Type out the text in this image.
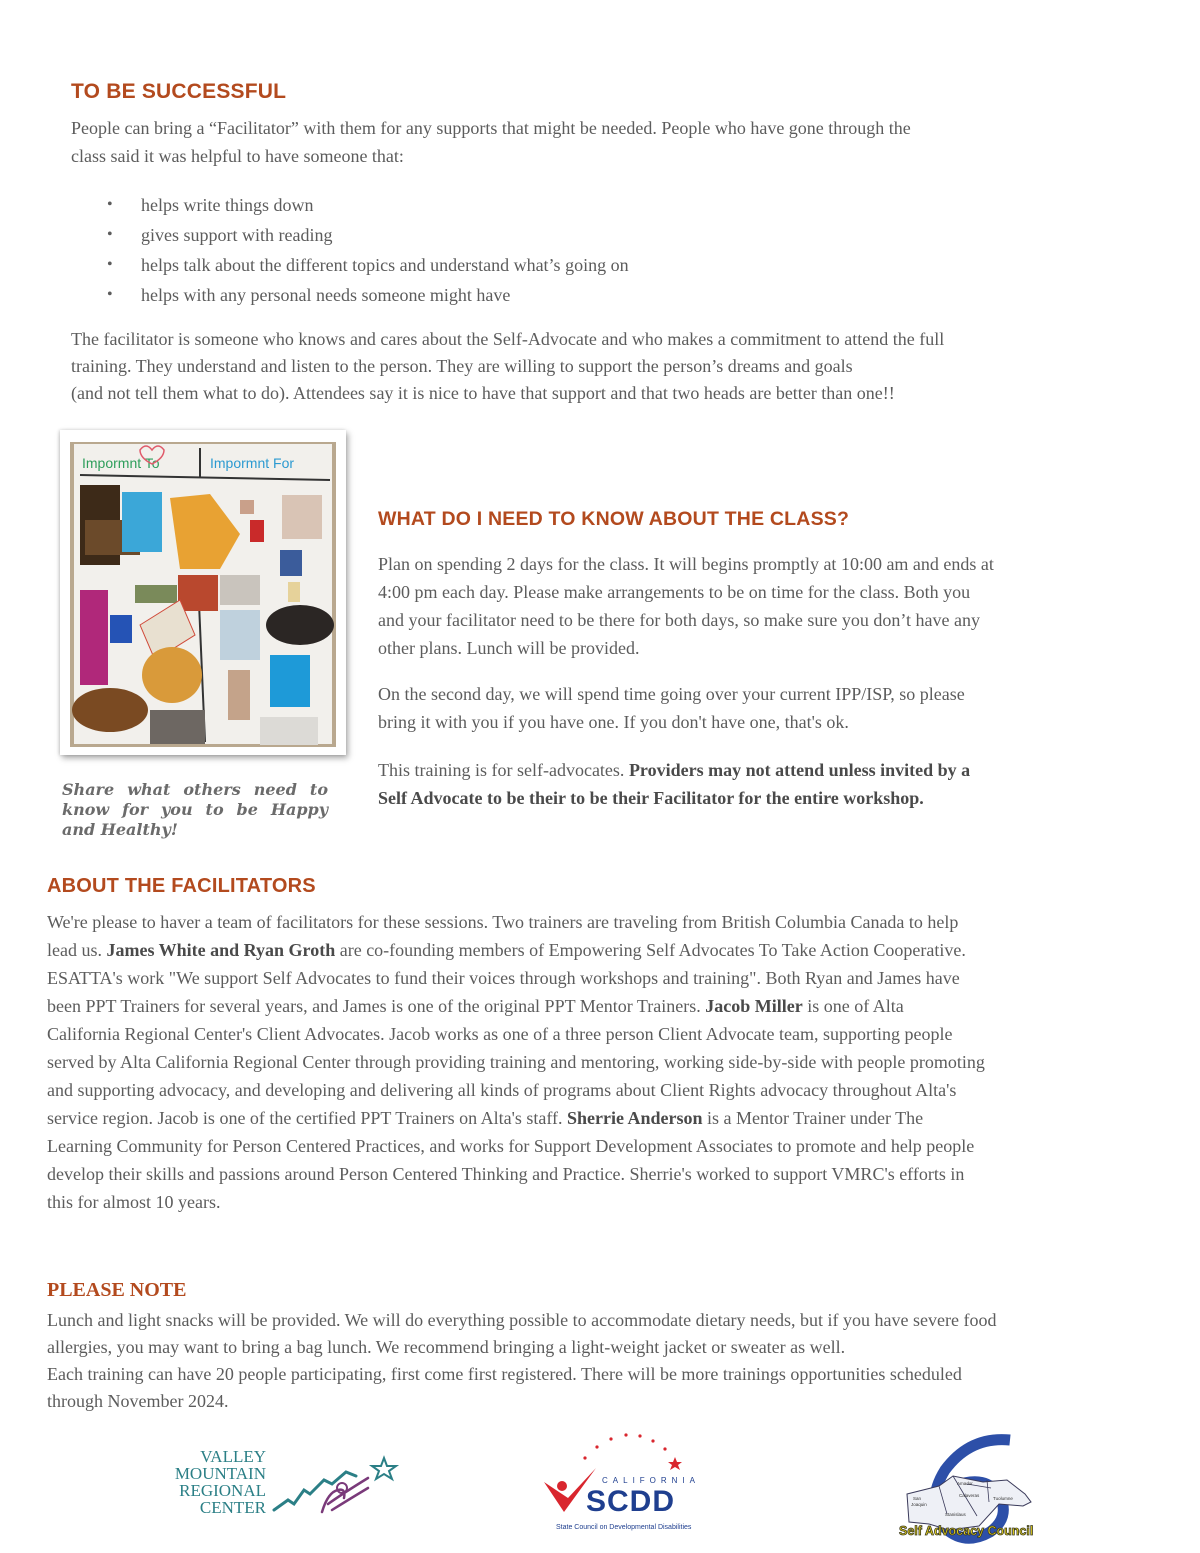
TO BE SUCCESSFUL

People can bring a “Facilitator” with them for any supports that might be needed. People who have gone through the

class said it was helpful to have someone that:

• helps write things down
• gives support with reading
• helps talk about the different topics and understand what’s going on
• helps with any personal needs someone might have

The facilitator is someone who knows and cares about the Self-Advocate and who makes a commitment to attend the full

training. They understand and listen to the person. They are willing to support the person’s dreams and goals

(and not tell them what to do). Attendees say it is nice to have that support and that two heads are better than one!!

Impormnt To	Impormnt For
Share what others need to know for you to be Happy and Healthy!
WHAT DO I NEED TO KNOW ABOUT THE CLASS?

Plan on spending 2 days for the class. It will begins promptly at 10:00 am and ends at

4:00 pm each day. Please make arrangements to be on time for the class. Both you

and your facilitator need to be there for both days, so make sure you don’t have any

other plans. Lunch will be provided.

On the second day, we will spend time going over your current IPP/ISP, so please

bring it with you if you have one. If you don't have one, that's ok.

This training is for self-advocates. Providers may not attend unless invited by a

Self Advocate to be their to be their Facilitator for the entire workshop.

ABOUT THE FACILITATORS

We're please to haver a team of facilitators for these sessions. Two trainers are traveling from British Columbia Canada to help

lead us. James White and Ryan Groth are co-founding members of Empowering Self Advocates To Take Action Cooperative.

ESATTA's work "We support Self Advocates to fund their voices through workshops and training". Both Ryan and James have

been PPT Trainers for several years, and James is one of the original PPT Mentor Trainers. Jacob Miller is one of Alta

California Regional Center's Client Advocates. Jacob works as one of a three person Client Advocate team, supporting people

served by Alta California Regional Center through providing training and mentoring, working side-by-side with people promoting

and supporting advocacy, and developing and delivering all kinds of programs about Client Rights advocacy throughout Alta's

service region. Jacob is one of the certified PPT Trainers on Alta's staff. Sherrie Anderson is a Mentor Trainer under The

Learning Community for Person Centered Practices, and works for Support Development Associates to promote and help people

develop their skills and passions around Person Centered Thinking and Practice. Sherrie's worked to support VMRC's efforts in

this for almost 10 years.

PLEASE NOTE

Lunch and light snacks will be provided. We will do everything possible to accommodate dietary needs, but if you have severe food

allergies, you may want to bring a bag lunch. We recommend bringing a light-weight jacket or sweater as well.

Each training can have 20 people participating, first come first registered. There will be more trainings opportunities scheduled

through November 2024.

VALLEY
MOUNTAIN
REGIONAL
CENTER
CALIFORNIA
SCDD
State Council on Developmental Disabilities
Amador
Calaveras
San
Joaquin
Stanislaus
Tuolumne
Self Advocacy Council
